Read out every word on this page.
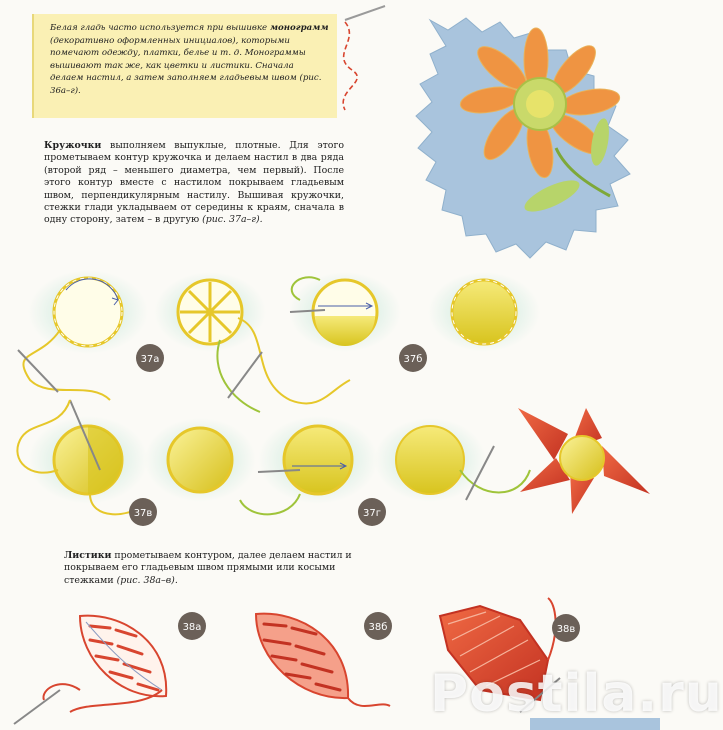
Белая гладь часто используется при вышивке монограмм (декоративно оформленных инициалов), которыми помечают одежду, платки, белье и т. д. Монограммы вышивают так же, как цветки и листики. Сначала делаем настил, а затем заполняем гладьевым швом (рис. 36а–г).
Кружочки выполняем выпуклые, плотные. Для этого прометываем контур кружочка и делаем настил в два ряда (второй ряд – меньшего диаметра, чем первый). После этого контур вместе с настилом покрываем гладьевым швом, перпендикулярным настилу. Вышивая кружочки, стежки глади укладываем от середины к краям, сначала в одну сторону, затем – в другую (рис. 37а–г).
Листики прометываем контуром, далее делаем настил и покрываем его гладьевым швом прямыми или косыми стежками (рис. 38а–в).
37а	37б
37в	37г
38а	38б	38в
Postila.ru
